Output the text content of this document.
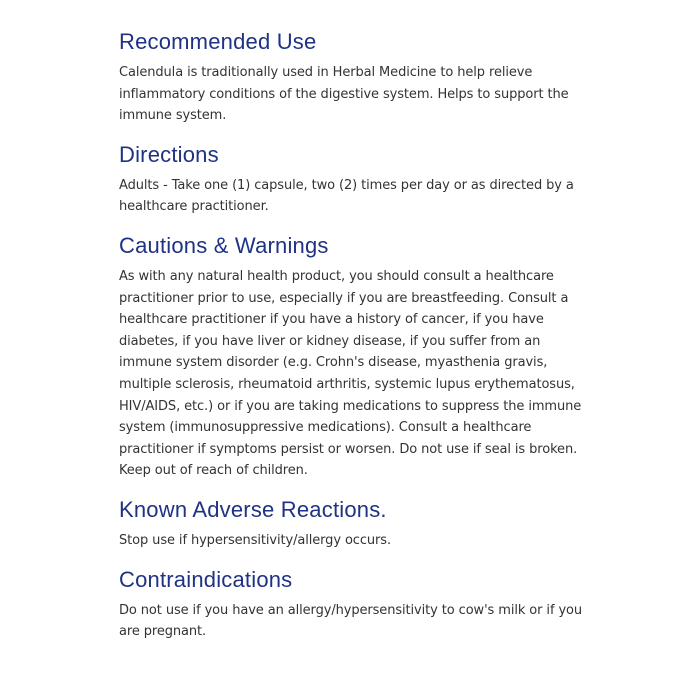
Recommended Use

Calendula is traditionally used in Herbal Medicine to help relieve inflammatory conditions of the digestive system. Helps to support the immune system.

Directions

Adults - Take one (1) capsule, two (2) times per day or as directed by a healthcare practitioner.

Cautions & Warnings

As with any natural health product, you should consult a healthcare practitioner prior to use, especially if you are breastfeeding. Consult a healthcare practitioner if you have a history of cancer, if you have diabetes, if you have liver or kidney disease, if you suffer from an immune system disorder (e.g. Crohn's disease, myasthenia gravis, multiple sclerosis, rheumatoid arthritis, systemic lupus erythematosus, HIV/AIDS, etc.) or if you are taking medications to suppress the immune system (immunosuppressive medications). Consult a healthcare practitioner if symptoms persist or worsen. Do not use if seal is broken. Keep out of reach of children.

Known Adverse Reactions.

Stop use if hypersensitivity/allergy occurs.

Contraindications

Do not use if you have an allergy/hypersensitivity to cow's milk or if you are pregnant.
